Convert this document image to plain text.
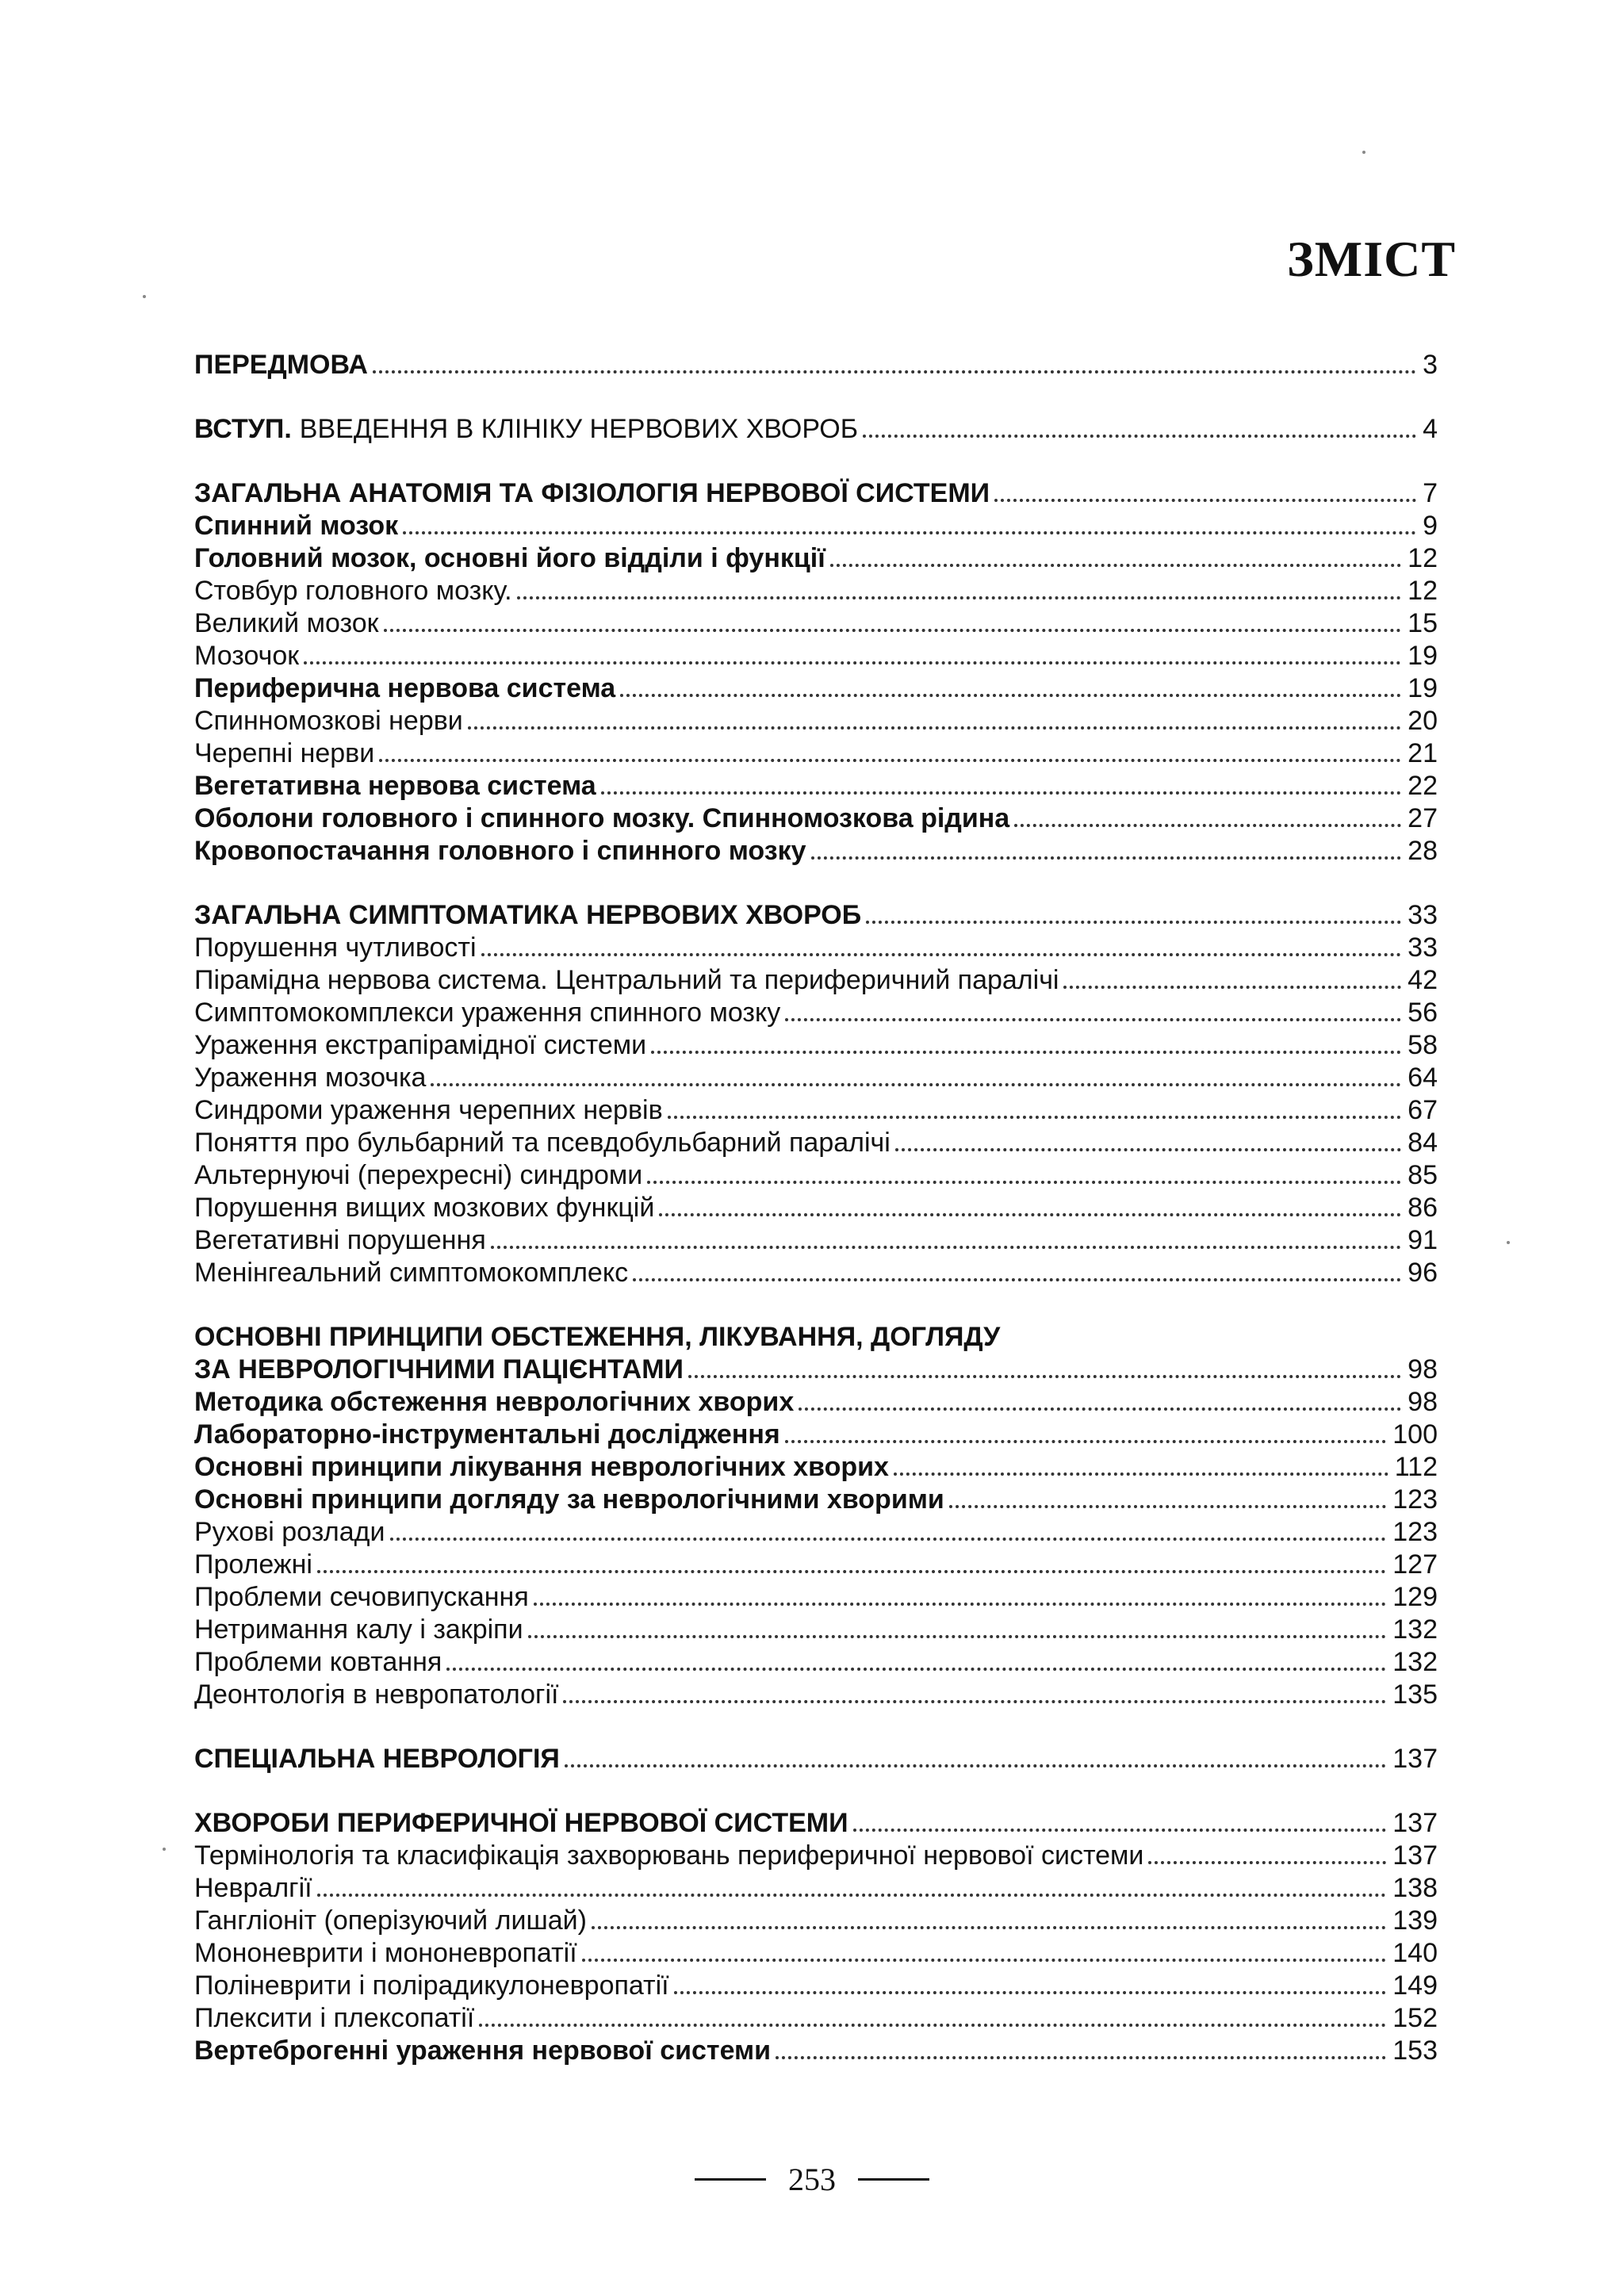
ЗМІСТ
ПЕРЕДМОВА	3
ВСТУП. ВВЕДЕННЯ В КЛІНІКУ НЕРВОВИХ ХВОРОБ	4
ЗАГАЛЬНА АНАТОМІЯ ТА ФІЗІОЛОГІЯ НЕРВОВОЇ СИСТЕМИ	7
Спинний мозок	9
Головний мозок, основні його відділи і функції	12
Стовбур головного мозку.	12
Великий мозок	15
Мозочок	19
Периферична нервова система	19
Спинномозкові нерви	20
Черепні нерви	21
Вегетативна нервова система	22
Оболони головного і спинного мозку. Спинномозкова рідина	27
Кровопостачання головного і спинного мозку	28
ЗАГАЛЬНА СИМПТОМАТИКА НЕРВОВИХ ХВОРОБ	33
Порушення чутливості	33
Пірамідна нервова система. Центральний та периферичний паралічі	42
Симптомокомплекси ураження спинного мозку	56
Ураження екстрапірамідної системи	58
Ураження мозочка	64
Синдроми ураження черепних нервів	67
Поняття про бульбарний та псевдобульбарний паралічі	84
Альтернуючі (перехресні) синдроми	85
Порушення вищих мозкових функцій	86
Вегетативні порушення	91
Менінгеальний симптомокомплекс	96
ОСНОВНІ ПРИНЦИПИ ОБСТЕЖЕННЯ, ЛІКУВАННЯ, ДОГЛЯДУ
ЗА НЕВРОЛОГІЧНИМИ ПАЦІЄНТАМИ	98
Методика обстеження неврологічних хворих	98
Лабораторно-інструментальні дослідження	100
Основні принципи лікування неврологічних хворих	112
Основні принципи догляду за неврологічними хворими	123
Рухові розлади	123
Пролежні	127
Проблеми сечовипускання	129
Нетримання калу і закріпи	132
Проблеми ковтання	132
Деонтологія в невропатології	135
СПЕЦІАЛЬНА НЕВРОЛОГІЯ	137
ХВОРОБИ ПЕРИФЕРИЧНОЇ НЕРВОВОЇ СИСТЕМИ	137
Термінологія та класифікація захворювань периферичної нервової системи	137
Невралгії	138
Гангліоніт (оперізуючий лишай)	139
Мононеврити і мононевропатії	140
Поліневрити і полірадикулоневропатії	149
Плексити і плексопатії	152
Вертеброгенні ураження нервової системи	153
253
